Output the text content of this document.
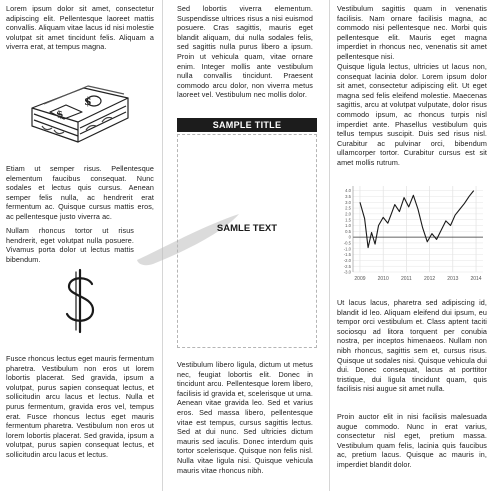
Lorem ipsum dolor sit amet, consectetur adipiscing elit. Pellentesque laoreet mattis convallis. Aliquam vitae lacus id nisi molestie volutpat sit amet tincidunt felis. Aliquam a viverra erat, at tempus magna.

$
$

Etiam ut semper risus. Pellentesque elementum faucibus consequat. Nunc sodales et lectus quis cursus. Aenean semper felis nulla, ac hendrerit erat fermentum ac. Quisque cursus mattis eros, ac pellentesque justo viverra ac.

Nullam rhoncus tortor ut risus hendrerit, eget volutpat nulla posuere. Vivamus porta dolor ut lectus mattis bibendum.

Fusce rhoncus lectus eget mauris fermentum pharetra. Vestibulum non eros ut lorem lobortis placerat. Sed gravida, ipsum a volutpat, purus sapien consequat lectus, et sollicitudin arcu lacus et lectus. Nulla et purus fermentum, gravida eros vel, tempus erat. Fusce rhoncus lectus eget mauris fermentum pharetra. Vestibulum non eros ut lorem lobortis placerat. Sed gravida, ipsum a volutpat, purus sapien consequat lectus, et sollicitudin arcu lacus et lectus.

Sed lobortis viverra elementum. Suspendisse ultrices risus a nisi euismod posuere. Cras sagittis, mauris eget blandit aliquam, dui nulla sodales felis, sed sagittis nulla purus libero a ipsum. Proin ut vehicula quam, vitae ornare enim. Integer mollis ante vestibulum nulla convallis tincidunt. Praesent commodo arcu dolor, non viverra metus laoreet vel. Vestibulum nec mollis dolor.

SAMPLE TITLE
SAMLE TEXT

Vestibulum libero ligula, dictum ut metus nec, feugiat lobortis elit. Donec in tincidunt arcu. Pellentesque lorem libero, facilisis id gravida et, scelerisque ut urna. Aenean vitae gravida leo. Sed et varius eros. Sed massa libero, pellentesque vitae est tempus, cursus sagittis lectus. Sed at dui nunc. Sed ultricies dictum mauris sed iaculis. Donec interdum quis tortor scelerisque. Quisque non felis nisl. Nulla vitae ligula nisi. Quisque vehicula mauris vitae rhoncus nibh.

Vestibulum sagittis quam in venenatis facilisis. Nam ornare facilisis magna, ac commodo nisi pellentesque nec. Morbi quis pellentesque elit. Mauris eget magna imperdiet in rhoncus nec, venenatis sit amet pellentesque nisi.

Quisque ligula lectus, ultricies ut lacus non, consequat lacinia dolor. Lorem ipsum dolor sit amet, consectetur adipiscing elit. Ut eget magna sed felis eleifend molestie. Maecenas sagittis, arcu at volutpat vulputate, dolor risus commodo ipsum, ac rhoncus turpis nisl imperdiet ante. Phasellus vestibulum quis tellus tempus suscipit. Duis sed risus nisl. Curabitur ac pulvinar orci, bibendum ullamcorper tortor. Curabitur cursus est sit amet mollis rutrum.

4.0
3.5
3.0
2.5
2.0
1.5
1.0
0.5
0
-0.5
-1.0
-1.5
-2.0
-2.5
-3.0
2009 2010 2011 2012 2013 2014

Ut lacus lacus, pharetra sed adipiscing id, blandit id leo. Aliquam eleifend dui ipsum, eu tempor orci vestibulum et. Class aptent taciti sociosqu ad litora torquent per conubia nostra, per inceptos himenaeos. Nullam non nibh rhoncus, sagittis sem et, cursus risus. Quisque ut sodales nisi. Quisque vehicula dui dui. Donec consequat, lacus at porttitor tristique, dui ligula tincidunt quam, quis facilisis nisi augue sit amet nulla.

Proin auctor elit in nisi facilisis malesuada augue commodo. Nunc in erat varius, consectetur nisl eget, pretium massa. Vestibulum quam felis, lacinia quis faucibus ac, pretium lacus. Quisque ac mauris in, imperdiet blandit dolor.
